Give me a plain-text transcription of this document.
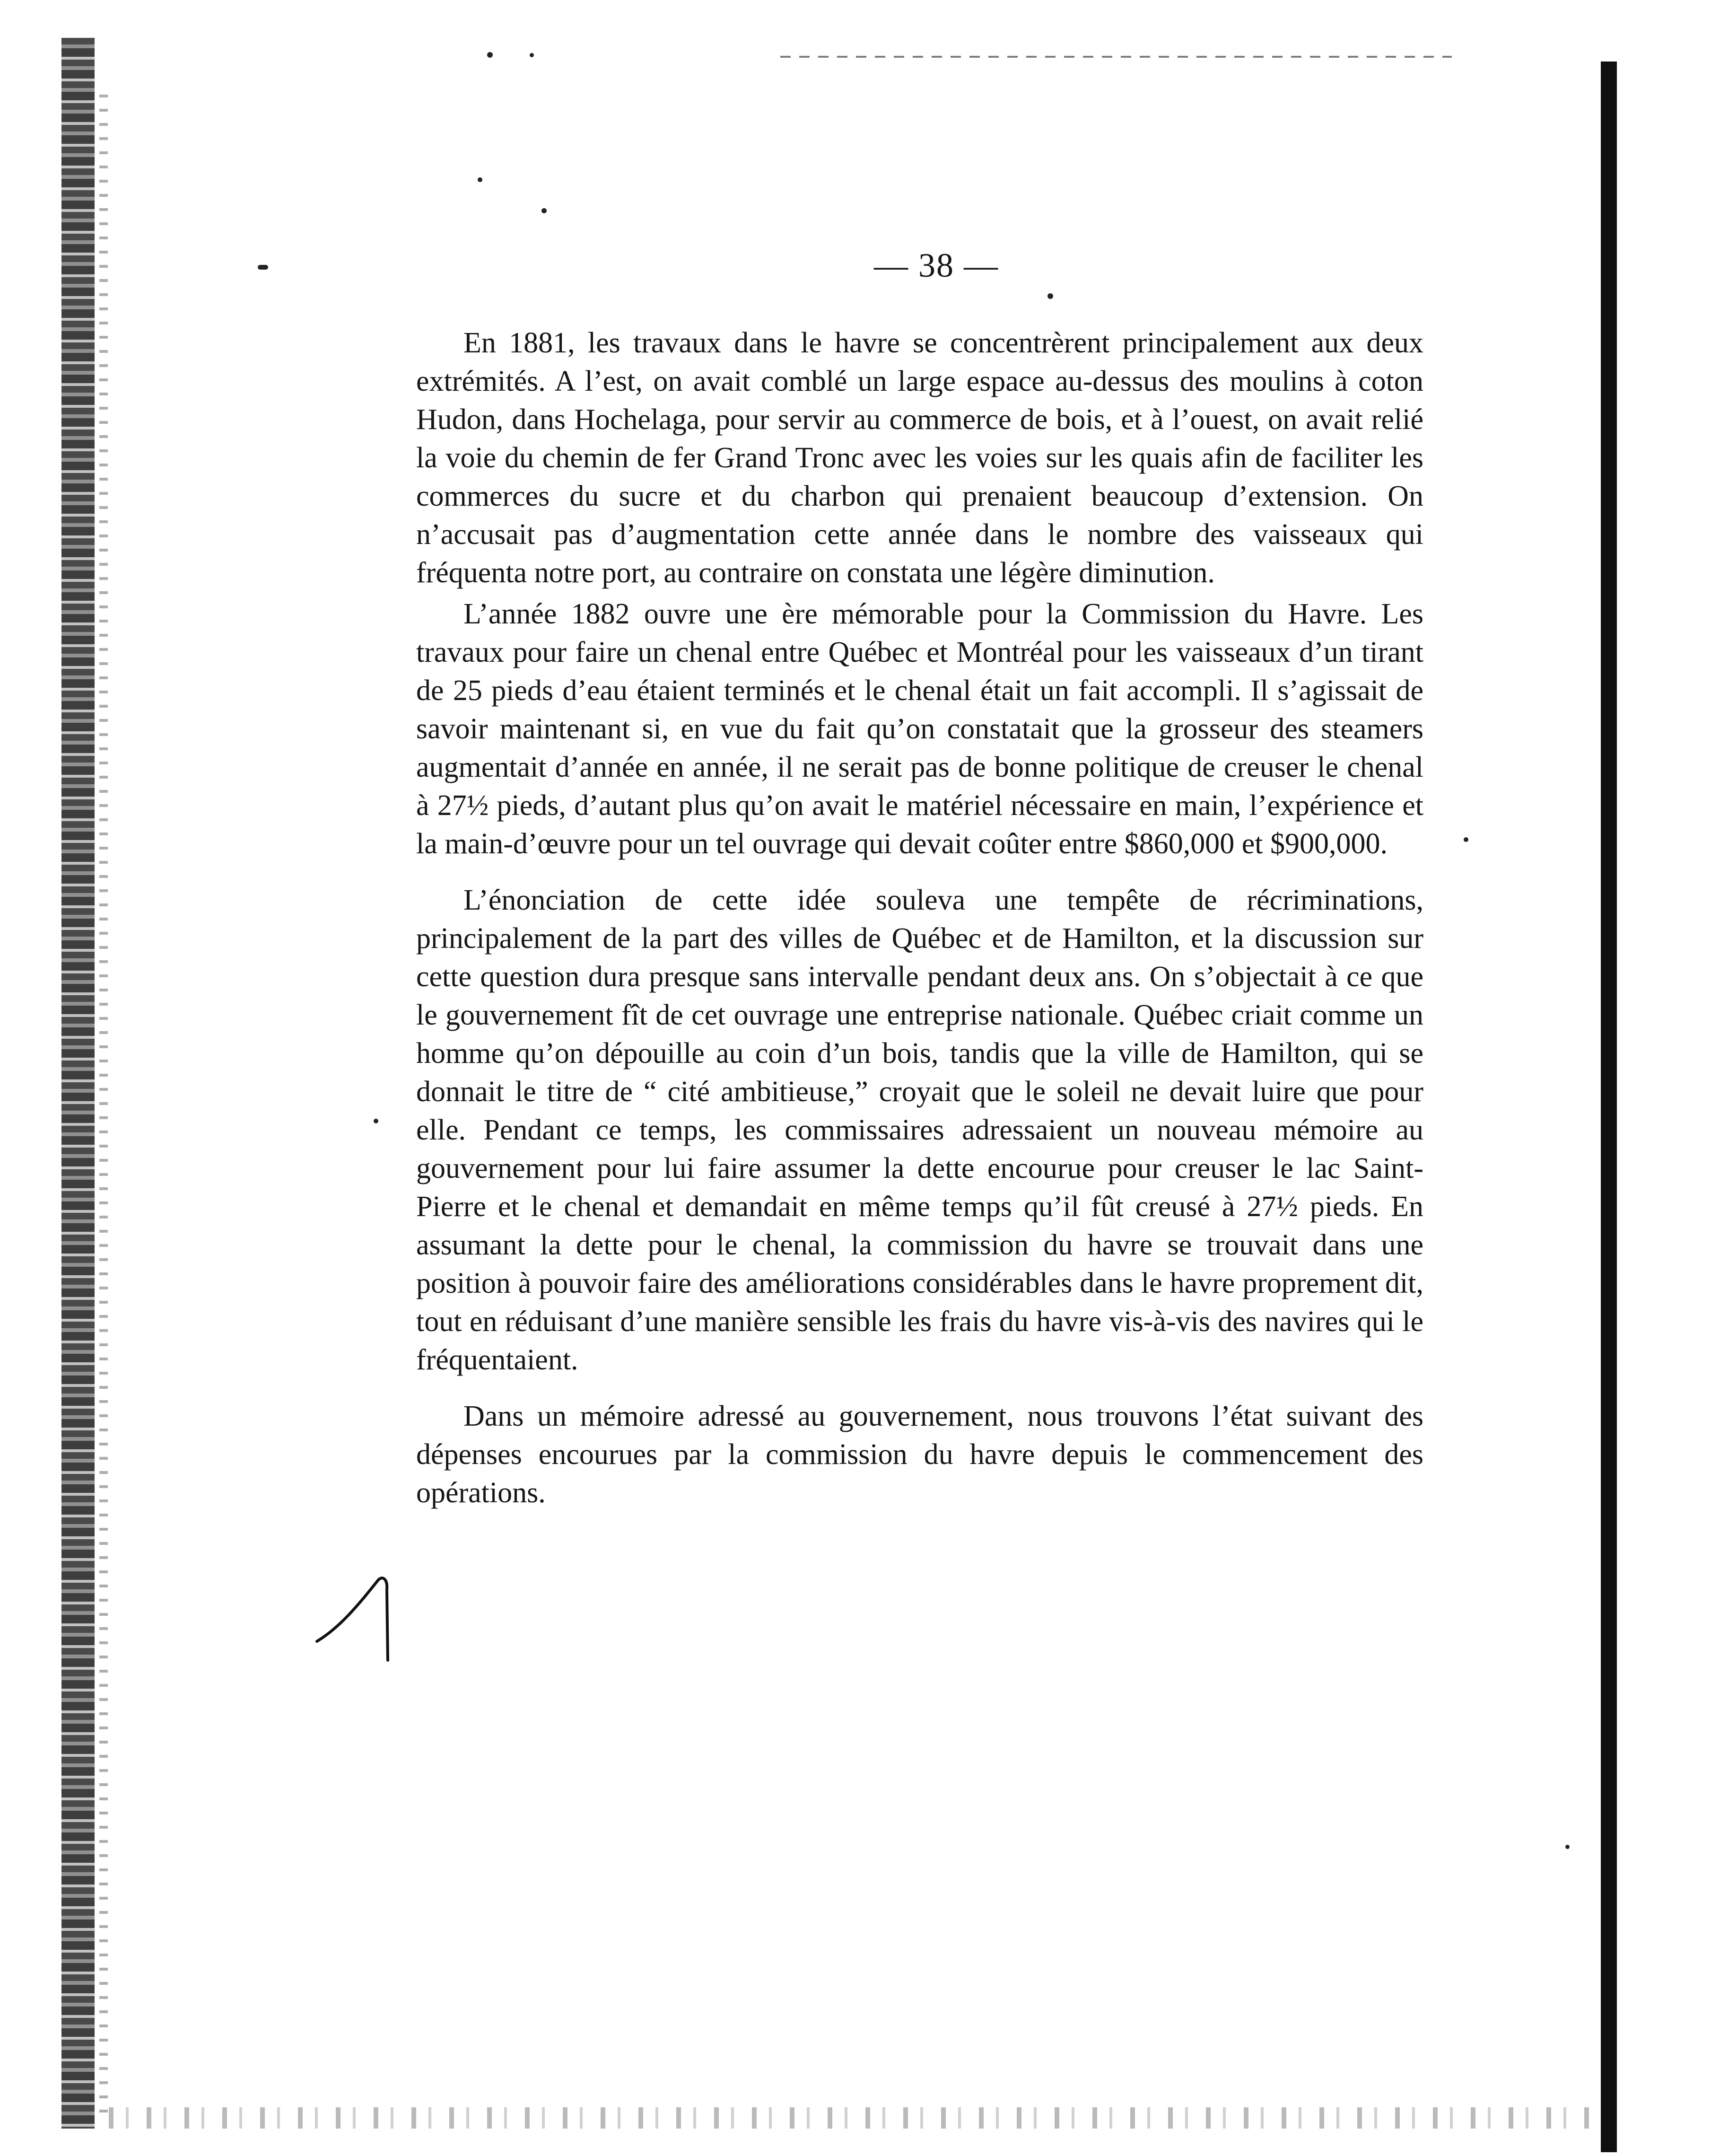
— 38 —

En 1881, les travaux dans le havre se concentrèrent principalement aux deux extrémités. A l’est, on avait comblé un large espace au-dessus des moulins à coton Hudon, dans Hochelaga, pour servir au commerce de bois, et à l’ouest, on avait relié la voie du chemin de fer Grand Tronc avec les voies sur les quais afin de faciliter les commerces du sucre et du charbon qui prenaient beaucoup d’extension. On n’accusait pas d’augmentation cette année dans le nombre des vaisseaux qui fréquenta notre port, au contraire on constata une légère diminution.

L’année 1882 ouvre une ère mémorable pour la Commission du Havre. Les travaux pour faire un chenal entre Québec et Montréal pour les vaisseaux d’un tirant de 25 pieds d’eau étaient terminés et le chenal était un fait accompli. Il s’agissait de savoir maintenant si, en vue du fait qu’on constatait que la grosseur des steamers augmentait d’année en année, il ne serait pas de bonne politique de creuser le chenal à 27½ pieds, d’autant plus qu’on avait le matériel nécessaire en main, l’expérience et la main-d’œuvre pour un tel ouvrage qui devait coûter entre $860,000 et $900,000.

L’énonciation de cette idée souleva une tempête de récriminations, principalement de la part des villes de Québec et de Hamilton, et la discussion sur cette question dura presque sans intervalle pendant deux ans. On s’objectait à ce que le gouvernement fît de cet ouvrage une entreprise nationale. Québec criait comme un homme qu’on dépouille au coin d’un bois, tandis que la ville de Hamilton, qui se donnait le titre de “ cité ambitieuse,” croyait que le soleil ne devait luire que pour elle. Pendant ce temps, les commissaires adressaient un nouveau mémoire au gouvernement pour lui faire assumer la dette encourue pour creuser le lac Saint-Pierre et le chenal et demandait en même temps qu’il fût creusé à 27½ pieds. En assumant la dette pour le chenal, la commission du havre se trouvait dans une position à pouvoir faire des améliorations considérables dans le havre proprement dit, tout en réduisant d’une manière sensible les frais du havre vis-à-vis des navires qui le fréquentaient.

Dans un mémoire adressé au gouvernement, nous trouvons l’état suivant des dépenses encourues par la commission du havre depuis le commencement des opérations.
